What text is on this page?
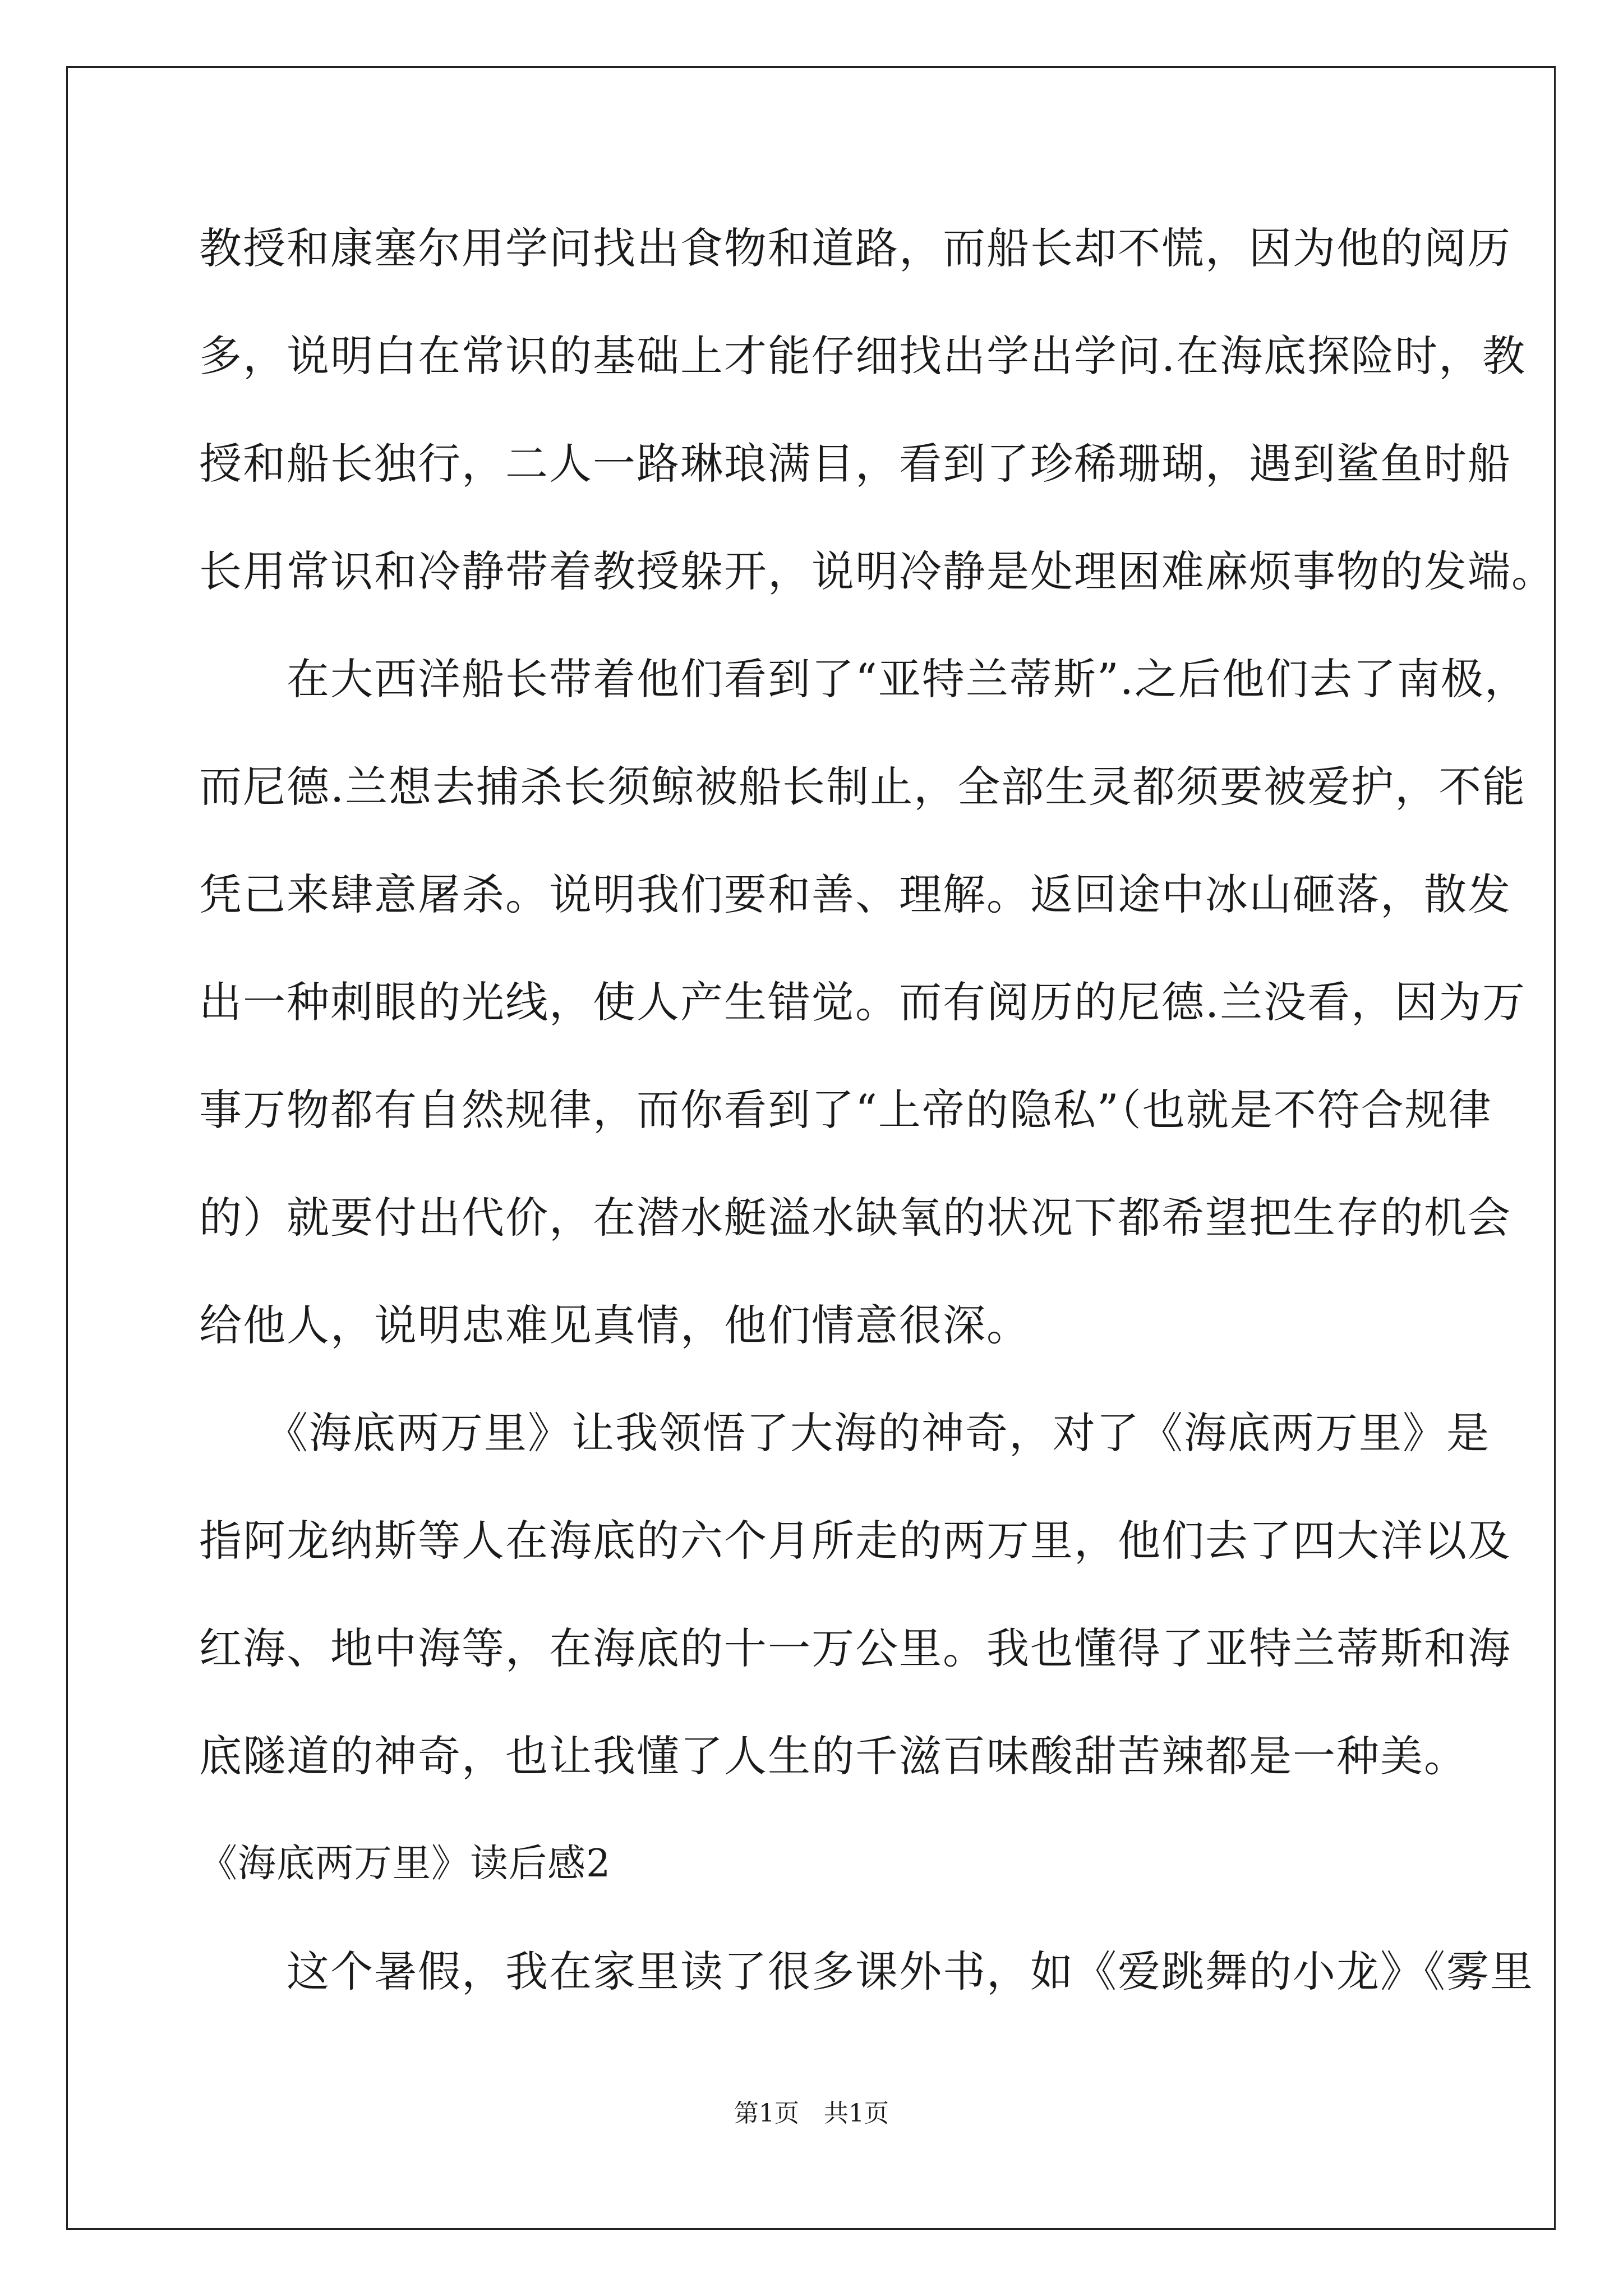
教授和康塞尔用学问找出食物和道路，而船长却不慌，因为他的阅历
多，说明白在常识的基础上才能仔细找出学出学问.在海底探险时，教
授和船长独行，二人一路琳琅满目，看到了珍稀珊瑚，遇到鲨鱼时船
长用常识和冷静带着教授躲开，说明冷静是处理困难麻烦事物的发端。
　　在大西洋船长带着他们看到了“亚特兰蒂斯”.之后他们去了南极，
而尼德.兰想去捕杀长须鲸被船长制止，全部生灵都须要被爱护，不能
凭己来肆意屠杀。说明我们要和善、理解。返回途中冰山砸落，散发
出一种刺眼的光线，使人产生错觉。而有阅历的尼德.兰没看，因为万
事万物都有自然规律，而你看到了“上帝的隐私”（也就是不符合规律
的）就要付出代价，在潜水艇溢水缺氧的状况下都希望把生存的机会
给他人，说明忠难见真情，他们情意很深。
　　《海底两万里》让我领悟了大海的神奇，对了《海底两万里》是
指阿龙纳斯等人在海底的六个月所走的两万里，他们去了四大洋以及
红海、地中海等，在海底的十一万公里。我也懂得了亚特兰蒂斯和海
底隧道的神奇，也让我懂了人生的千滋百味酸甜苦辣都是一种美。
《海底两万里》读后感2
　　这个暑假，我在家里读了很多课外书，如《爱跳舞的小龙》《雾里
第1页　共1页
